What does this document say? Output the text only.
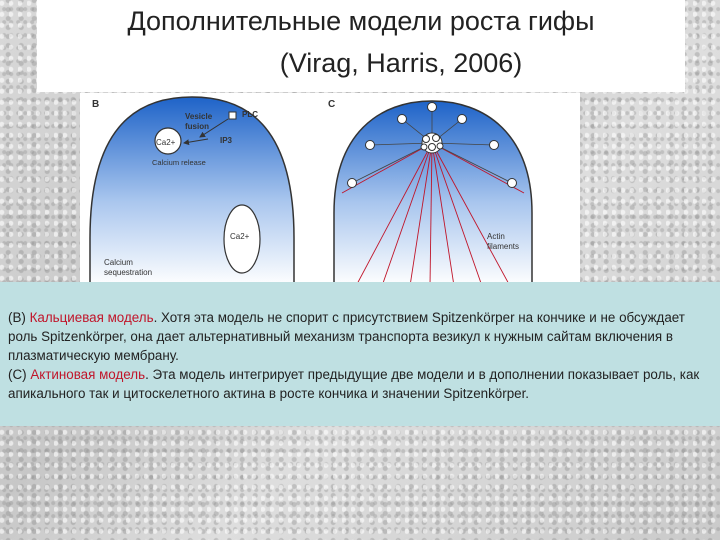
Дополнительные модели роста гифы
(Virag, Harris, 2006)
B
Ca2+
Vesicle
fusion
PLC
IP3
Calcium release
Ca2+
Calcium
sequestration
C
Actin
filaments

(B) Кальциевая модель. Хотя эта модель не спорит с присутствием Spitzenkörper на кончике и не обсуждает роль Spitzenkörper, она дает альтернативный механизм транспорта везикул к нужным сайтам включения в плазматическую мембрану.

(C) Актиновая модель. Эта модель интегрирует предыдущие две модели и в дополнении показывает роль, как апикального так и цитоскелетного актина в росте кончика и значении Spitzenkörper.
